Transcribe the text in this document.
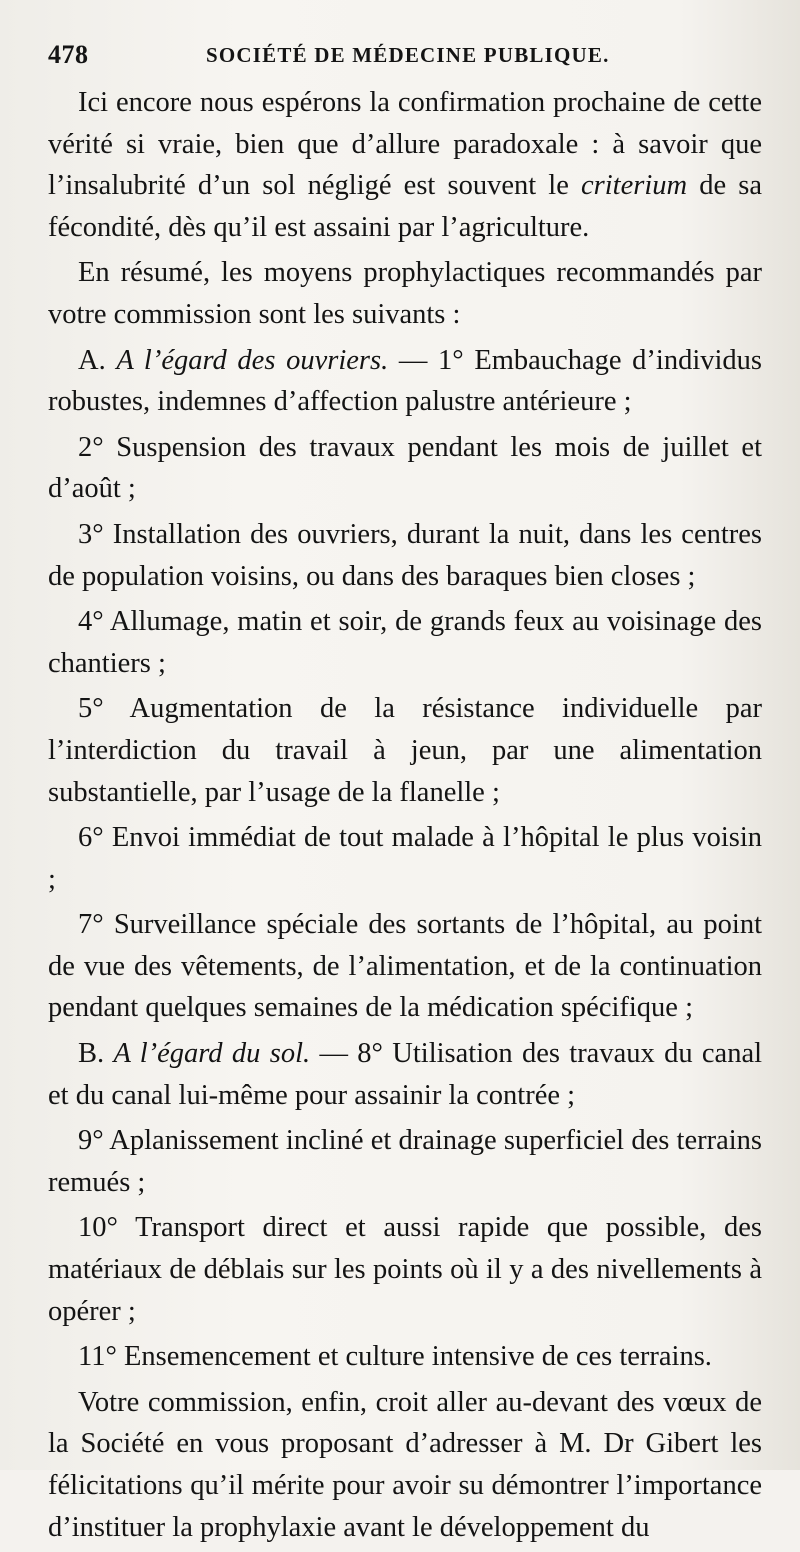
478	SOCIÉTÉ DE MÉDECINE PUBLIQUE.

Ici encore nous espérons la confirmation prochaine de cette vérité si vraie, bien que d’allure paradoxale : à savoir que l’insalubrité d’un sol négligé est souvent le criterium de sa fécondité, dès qu’il est assaini par l’agriculture.

En résumé, les moyens prophylactiques recommandés par votre commission sont les suivants :

A. A l’égard des ouvriers. — 1° Embauchage d’individus robustes, indemnes d’affection palustre antérieure ;

2° Suspension des travaux pendant les mois de juillet et d’août ;

3° Installation des ouvriers, durant la nuit, dans les centres de population voisins, ou dans des baraques bien closes ;

4° Allumage, matin et soir, de grands feux au voisinage des chantiers ;

5° Augmentation de la résistance individuelle par l’interdiction du travail à jeun, par une alimentation substantielle, par l’usage de la flanelle ;

6° Envoi immédiat de tout malade à l’hôpital le plus voisin ;

7° Surveillance spéciale des sortants de l’hôpital, au point de vue des vêtements, de l’alimentation, et de la continuation pendant quelques semaines de la médication spécifique ;

B. A l’égard du sol. — 8° Utilisation des travaux du canal et du canal lui-même pour assainir la contrée ;

9° Aplanissement incliné et drainage superficiel des terrains remués ;

10° Transport direct et aussi rapide que possible, des matériaux de déblais sur les points où il y a des nivellements à opérer ;

11° Ensemencement et culture intensive de ces terrains.

Votre commission, enfin, croit aller au-devant des vœux de la Société en vous proposant d’adresser à M. Dr Gibert les félicitations qu’il mérite pour avoir su démontrer l’importance d’instituer la prophylaxie avant le développement du
